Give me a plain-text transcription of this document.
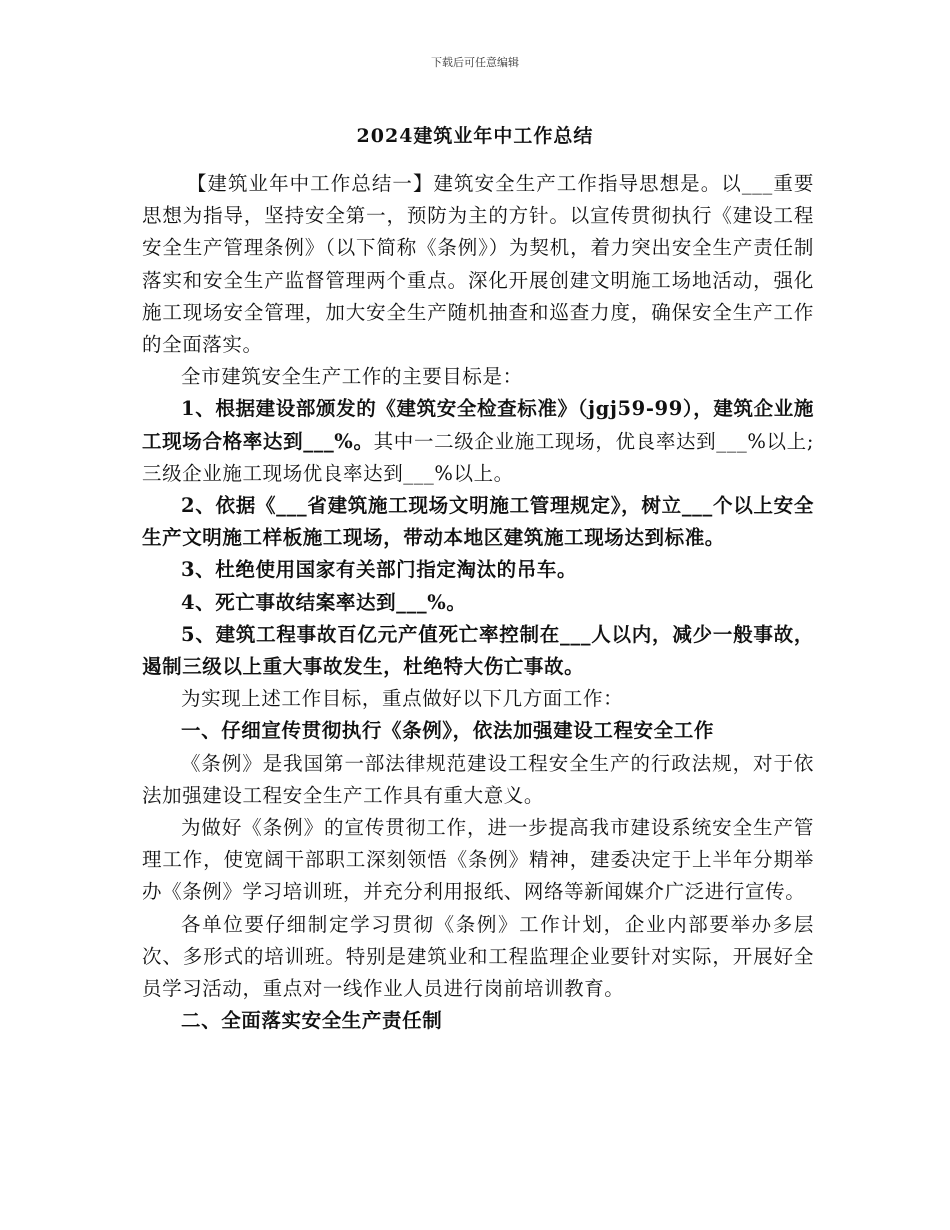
下载后可任意编辑
2024建筑业年中工作总结

【建筑业年中工作总结一】建筑安全生产工作指导思想是。以___重要思想为指导，坚持安全第一，预防为主的方针。以宣传贯彻执行《建设工程安全生产管理条例》（以下简称《条例》）为契机，着力突出安全生产责任制落实和安全生产监督管理两个重点。深化开展创建文明施工场地活动，强化施工现场安全管理，加大安全生产随机抽查和巡查力度，确保安全生产工作的全面落实。

全市建筑安全生产工作的主要目标是：

1、根据建设部颁发的《建筑安全检查标准》（jgj59-99），建筑企业施工现场合格率达到___%。其中一二级企业施工现场，优良率达到___%以上;三级企业施工现场优良率达到___%以上。

2、依据《___省建筑施工现场文明施工管理规定》，树立___个以上安全生产文明施工样板施工现场，带动本地区建筑施工现场达到标准。

3、杜绝使用国家有关部门指定淘汰的吊车。

4、死亡事故结案率达到___%。

5、建筑工程事故百亿元产值死亡率控制在___人以内，减少一般事故，遏制三级以上重大事故发生，杜绝特大伤亡事故。

为实现上述工作目标，重点做好以下几方面工作：

一、仔细宣传贯彻执行《条例》，依法加强建设工程安全工作

《条例》是我国第一部法律规范建设工程安全生产的行政法规，对于依法加强建设工程安全生产工作具有重大意义。

为做好《条例》的宣传贯彻工作，进一步提高我市建设系统安全生产管理工作，使宽阔干部职工深刻领悟《条例》精神，建委决定于上半年分期举办《条例》学习培训班，并充分利用报纸、网络等新闻媒介广泛进行宣传。

各单位要仔细制定学习贯彻《条例》工作计划，企业内部要举办多层次、多形式的培训班。特别是建筑业和工程监理企业要针对实际，开展好全员学习活动，重点对一线作业人员进行岗前培训教育。

二、全面落实安全生产责任制
